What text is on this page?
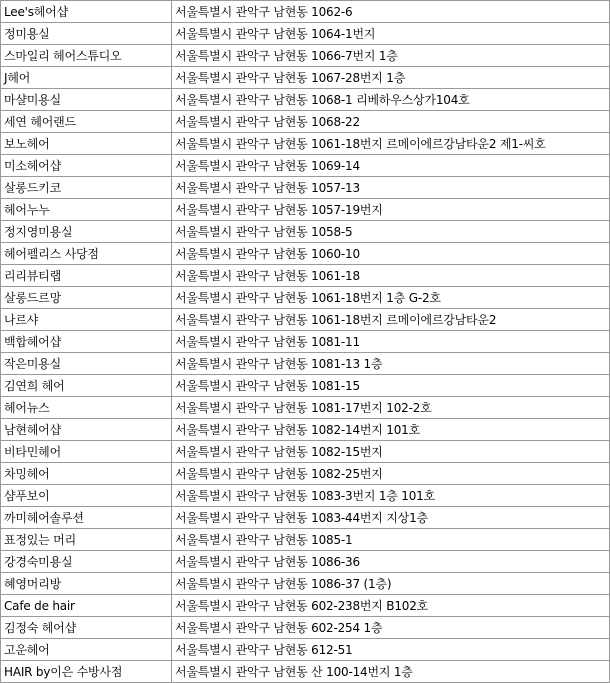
Lee's헤어샵	서울특별시 관악구 남현동 1062-6
정미용실	서울특별시 관악구 남현동 1064-1번지
스마일리 헤어스튜디오	서울특별시 관악구 남현동 1066-7번지 1층
J헤어	서울특별시 관악구 남현동 1067-28번지 1층
마샬미용실	서울특별시 관악구 남현동 1068-1 리베하우스상가104호
세연 헤어랜드	서울특별시 관악구 남현동 1068-22
보노헤어	서울특별시 관악구 남현동 1061-18번지 르메이에르강남타운2 제1-씨호
미소헤어샵	서울특별시 관악구 남현동 1069-14
살롱드키코	서울특별시 관악구 남현동 1057-13
헤어누누	서울특별시 관악구 남현동 1057-19번지
정지영미용실	서울특별시 관악구 남현동 1058-5
헤어펠리스 사당점	서울특별시 관악구 남현동 1060-10
리리뷰티랩	서울특별시 관악구 남현동 1061-18
살롱드르망	서울특별시 관악구 남현동 1061-18번지 1층 G-2호
나르샤	서울특별시 관악구 남현동 1061-18번지 르메이에르강남타운2
백합헤어샵	서울특별시 관악구 남현동 1081-11
작은미용실	서울특별시 관악구 남현동 1081-13 1층
김연희 헤어	서울특별시 관악구 남현동 1081-15
헤어뉴스	서울특별시 관악구 남현동 1081-17번지 102-2호
남현헤어샵	서울특별시 관악구 남현동 1082-14번지 101호
비타민헤어	서울특별시 관악구 남현동 1082-15번지
차밍헤어	서울특별시 관악구 남현동 1082-25번지
샴푸보이	서울특별시 관악구 남현동 1083-3번지 1층 101호
까미헤어솔루션	서울특별시 관악구 남현동 1083-44번지 지상1층
표정있는 머리	서울특별시 관악구 남현동 1085-1
강경숙미용실	서울특별시 관악구 남현동 1086-36
혜영머리방	서울특별시 관악구 남현동 1086-37 (1층)
Cafe de hair	서울특별시 관악구 남현동 602-238번지 B102호
김정숙 헤어샵	서울특별시 관악구 남현동 602-254 1층
고운헤어	서울특별시 관악구 남현동 612-51
HAIR by이은 수방사점	서울특별시 관악구 남현동 산 100-14번지 1층
